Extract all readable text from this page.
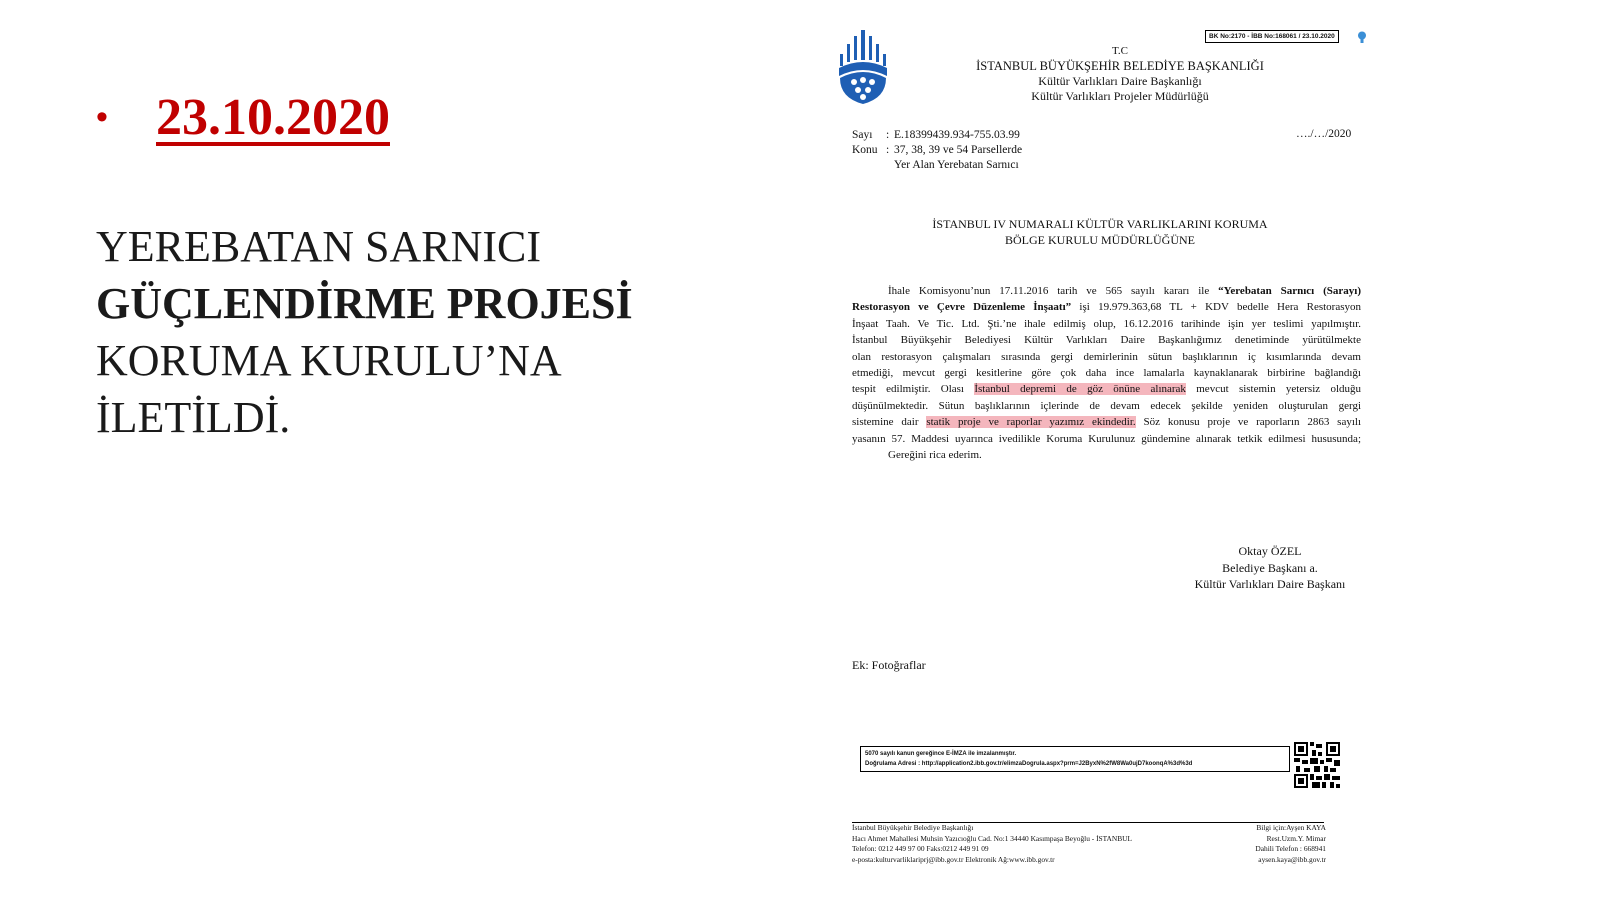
• 23.10.2020
YEREBATAN SARNICI
GÜÇLENDİRME PROJESİ
KORUMA KURULU’NA
İLETİLDİ.
BK No:2170 - İBB No:168061 / 23.10.2020
T.C
İSTANBUL BÜYÜKŞEHİR BELEDİYE BAŞKANLIĞI
Kültür Varlıkları Daire Başkanlığı
Kültür Varlıkları Projeler Müdürlüğü
Sayı	: E.18399439.934-755.03.99
Konu : 37, 38, 39 ve 54 Parsellerde
Yer Alan Yerebatan Sarnıcı
…./…/2020
İSTANBUL IV NUMARALI KÜLTÜR VARLIKLARINI KORUMA
BÖLGE KURULU MÜDÜRLÜĞÜNE
İhale Komisyonu’nun 17.11.2016 tarih ve 565 sayılı kararı ile “Yerebatan Sarnıcı (Sarayı)
Restorasyon ve Çevre Düzenleme İnşaatı” işi 19.979.363,68 TL + KDV bedelle Hera Restorasyon
İnşaat Taah. Ve Tic. Ltd. Şti.’ne ihale edilmiş olup, 16.12.2016 tarihinde işin yer teslimi yapılmıştır.
İstanbul Büyükşehir Belediyesi Kültür Varlıkları Daire Başkanlığımız denetiminde yürütülmekte
olan restorasyon çalışmaları sırasında gergi demirlerinin sütun başlıklarının iç kısımlarında devam
etmediği, mevcut gergi kesitlerine göre çok daha ince lamalarla kaynaklanarak birbirine bağlandığı
tespit edilmiştir. Olası İstanbul depremi de göz önüne alınarak mevcut sistemin yetersiz olduğu
düşünülmektedir. Sütun başlıklarının içlerinde de devam edecek şekilde yeniden oluşturulan gergi
sistemine dair statik proje ve raporlar yazımız ekindedir. Söz konusu proje ve raporların 2863 sayılı
yasanın 57. Maddesi uyarınca ivedilikle Koruma Kurulunuz gündemine alınarak tetkik edilmesi hususunda;
Gereğini rica ederim.
Oktay ÖZEL
Belediye Başkanı a.
Kültür Varlıkları Daire Başkanı
Ek: Fotoğraflar
5070 sayılı kanun gereğince E-İMZA ile imzalanmıştır.
Doğrulama Adresi : http://application2.ibb.gov.tr/elimzaDogrula.aspx?prm=J2ByxN%2fW8Wa0ujD7koonqA%3d%3d
İstanbul Büyükşehir Belediye Başkanlığı
Hacı Ahmet Mahallesi Muhsin Yazıcıoğlu Cad. No:1 34440 Kasımpaşa Beyoğlu - İSTANBUL
Telefon: 0212 449 97 00 Faks:0212 449 91 09
e-posta:kulturvarliklariprj@ibb.gov.tr Elektronik Ağ:www.ibb.gov.tr
Bilgi için:Ayşen KAYA
Rest.Uzm.Y. Mimar
Dahili Telefon : 668941
aysen.kaya@ibb.gov.tr
